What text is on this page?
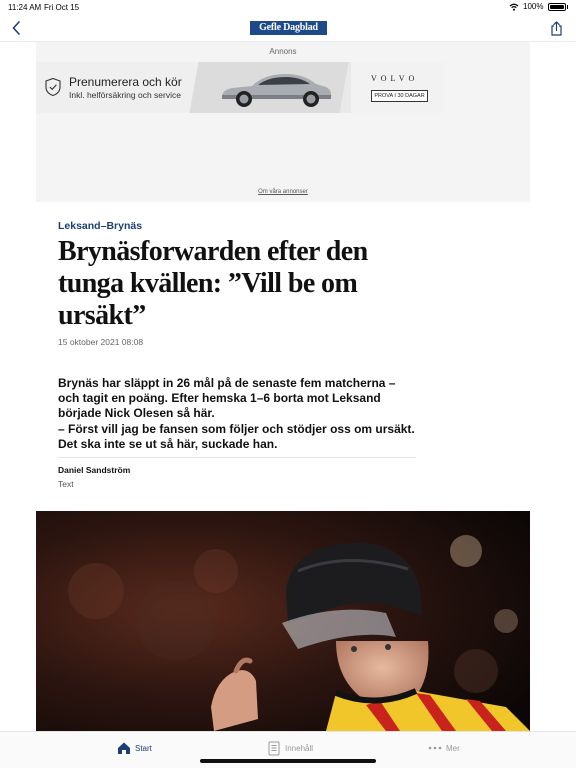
11:24 AM Fri Oct 15	100%
Gefle Dagblad
Annons
Prenumerera och kör
Inkl. helförsäkring och service
VOLVO
PROVA I 30 DAGAR
Om våra annonser
Leksand–Brynäs
Brynäsforwarden efter den tunga kvällen: ”Vill be om ursäkt”
15 oktober 2021 08:08
Brynäs har släppt in 26 mål på de senaste fem matcherna – och tagit en poäng. Efter hemska 1–6 borta mot Leksand började Nick Olesen så här.
– Först vill jag be fansen som följer och stödjer oss om ursäkt. Det ska inte se ut så här, suckade han.
Daniel Sandström
Text
Start	Innehåll	Mer
